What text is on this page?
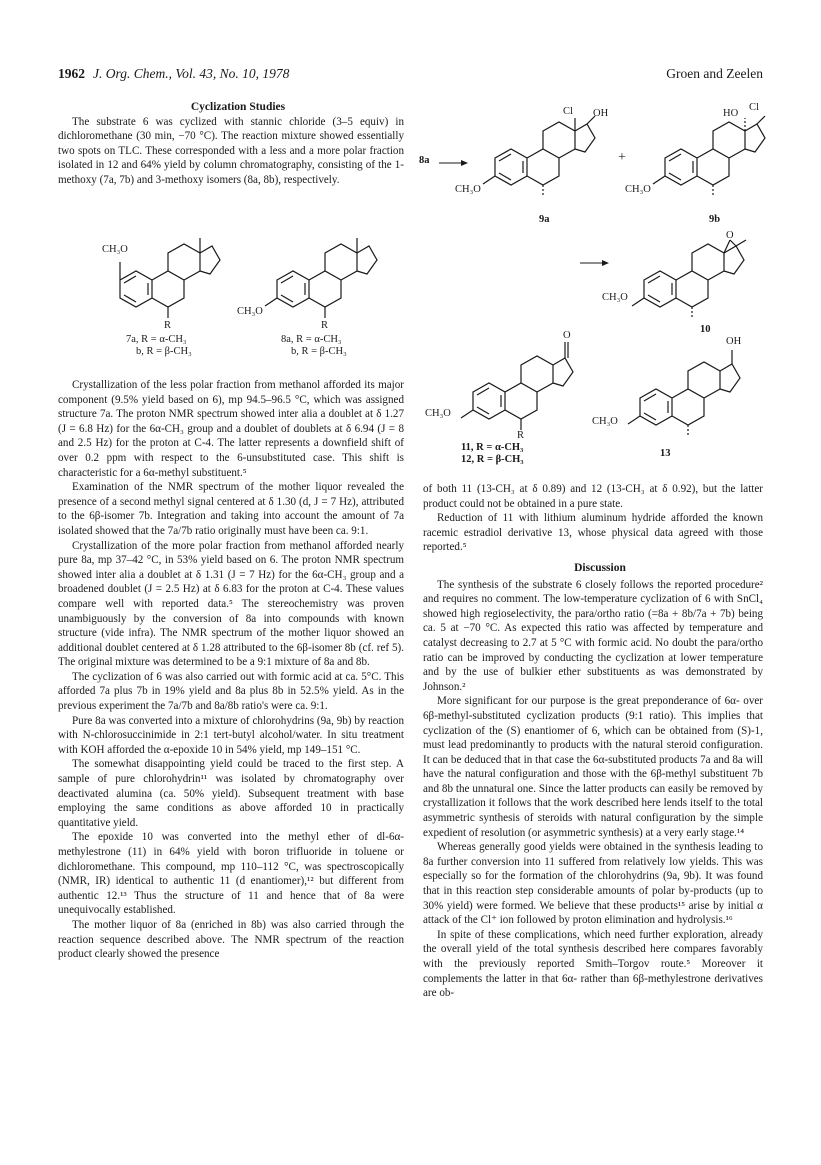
1962 J. Org. Chem., Vol. 43, No. 10, 1978	Groen and Zeelen

Cyclization Studies

The substrate 6 was cyclized with stannic chloride (3–5 equiv) in dichloromethane (30 min, −70 °C). The reaction mixture showed essentially two spots on TLC. These corresponded with a less and a more polar fraction isolated in 12 and 64% yield by column chromatography, consisting of the 1-methoxy (7a, 7b) and 3-methoxy isomers (8a, 8b), respectively.

CH₃O
R
7a, R = α-CH₃
b, R = β-CH₃
CH₃O
R
8a, R = α-CH₃
b, R = β-CH₃

Crystallization of the less polar fraction from methanol afforded its major component (9.5% yield based on 6), mp 94.5–96.5 °C, which was assigned structure 7a. The proton NMR spectrum showed inter alia a doublet at δ 1.27 (J = 6.8 Hz) for the 6α-CH₃ group and a doublet of doublets at δ 6.94 (J = 8 and 2.5 Hz) for the proton at C-4. The latter represents a downfield shift of over 0.2 ppm with respect to the 6-unsubstituted case. This shift is characteristic for a 6α-methyl substituent.⁵

Examination of the NMR spectrum of the mother liquor revealed the presence of a second methyl signal centered at δ 1.30 (d, J = 7 Hz), attributed to the 6β-isomer 7b. Integration and taking into account the amount of 7a isolated showed that the 7a/7b ratio originally must have been ca. 9:1.

Crystallization of the more polar fraction from methanol afforded nearly pure 8a, mp 37–42 °C, in 53% yield based on 6. The proton NMR spectrum showed inter alia a doublet at δ 1.31 (J = 7 Hz) for the 6α-CH₃ group and a broadened doublet (J = 2.5 Hz) at δ 6.83 for the proton at C-4. These values compare well with reported data.⁵ The stereochemistry was proven unambiguously by the conversion of 8a into compounds with known structure (vide infra). The NMR spectrum of the mother liquor showed an additional doublet centered at δ 1.28 attributed to the 6β-isomer 8b (cf. ref 5). The original mixture was determined to be a 9:1 mixture of 8a and 8b.

The cyclization of 6 was also carried out with formic acid at ca. 5°C. This afforded 7a plus 7b in 19% yield and 8a plus 8b in 52.5% yield. As in the previous experiment the 7a/7b and 8a/8b ratio's were ca. 9:1.

Pure 8a was converted into a mixture of chlorohydrins (9a, 9b) by reaction with N-chlorosuccinimide in 2:1 tert-butyl alcohol/water. In situ treatment with KOH afforded the α-epoxide 10 in 54% yield, mp 149–151 °C.

The somewhat disappointing yield could be traced to the first step. A sample of pure chlorohydrin¹¹ was isolated by chromatography over deactivated alumina (ca. 50% yield). Subsequent treatment with base employing the same conditions as above afforded 10 in practically quantitative yield.

The epoxide 10 was converted into the methyl ether of dl-6α-methylestrone (11) in 64% yield with boron trifluoride in toluene or dichloromethane. This compound, mp 110–112 °C, was spectroscopically (NMR, IR) identical to authentic 11 (d enantiomer),¹² but different from authentic 12.¹³ Thus the structure of 11 and hence that of 8a were unequivocally established.

The mother liquor of 8a (enriched in 8b) was also carried through the reaction sequence described above. The NMR spectrum of the reaction product clearly showed the presence

8a →
Cl OH
CH₃O
9a
+
HO
Cl
CH₃O
9b
O
CH₃O
10
O
CH₃O
R
11, R = α-CH₃
12, R = β-CH₃
OH
CH₃O
13

of both 11 (13-CH₃ at δ 0.89) and 12 (13-CH₃ at δ 0.92), but the latter product could not be obtained in a pure state.

Reduction of 11 with lithium aluminum hydride afforded the known racemic estradiol derivative 13, whose physical data agreed with those reported.⁵

Discussion

The synthesis of the substrate 6 closely follows the reported procedure² and requires no comment. The low-temperature cyclization of 6 with SnCl₄ showed high regioselectivity, the para/ortho ratio (=8a + 8b/7a + 7b) being ca. 5 at −70 °C. As expected this ratio was affected by temperature and catalyst decreasing to 2.7 at 5 °C with formic acid. No doubt the para/ortho ratio can be improved by conducting the cyclization at lower temperature and by the use of bulkier ether substituents as was demonstrated by Johnson.²

More significant for our purpose is the great preponderance of 6α- over 6β-methyl-substituted cyclization products (9:1 ratio). This implies that cyclization of the (S) enantiomer of 6, which can be obtained from (S)-1, must lead predominantly to products with the natural steroid configuration. It can be deduced that in that case the 6α-substituted products 7a and 8a will have the natural configuration and those with the 6β-methyl substituent 7b and 8b the unnatural one. Since the latter products can easily be removed by crystallization it follows that the work described here lends itself to the total asymmetric synthesis of steroids with natural configuration by the simple expedient of resolution (or asymmetric synthesis) at a very early stage.¹⁴

Whereas generally good yields were obtained in the synthesis leading to 8a further conversion into 11 suffered from relatively low yields. This was especially so for the formation of the chlorohydrins (9a, 9b). It was found that in this reaction step considerable amounts of polar by-products (up to 30% yield) were formed. We believe that these products¹⁵ arise by initial α attack of the Cl⁺ ion followed by proton elimination and hydrolysis.¹⁶

In spite of these complications, which need further exploration, already the overall yield of the total synthesis described here compares favorably with the previously reported Smith–Torgov route.⁵ Moreover it complements the latter in that 6α- rather than 6β-methylestrone derivatives are ob-
